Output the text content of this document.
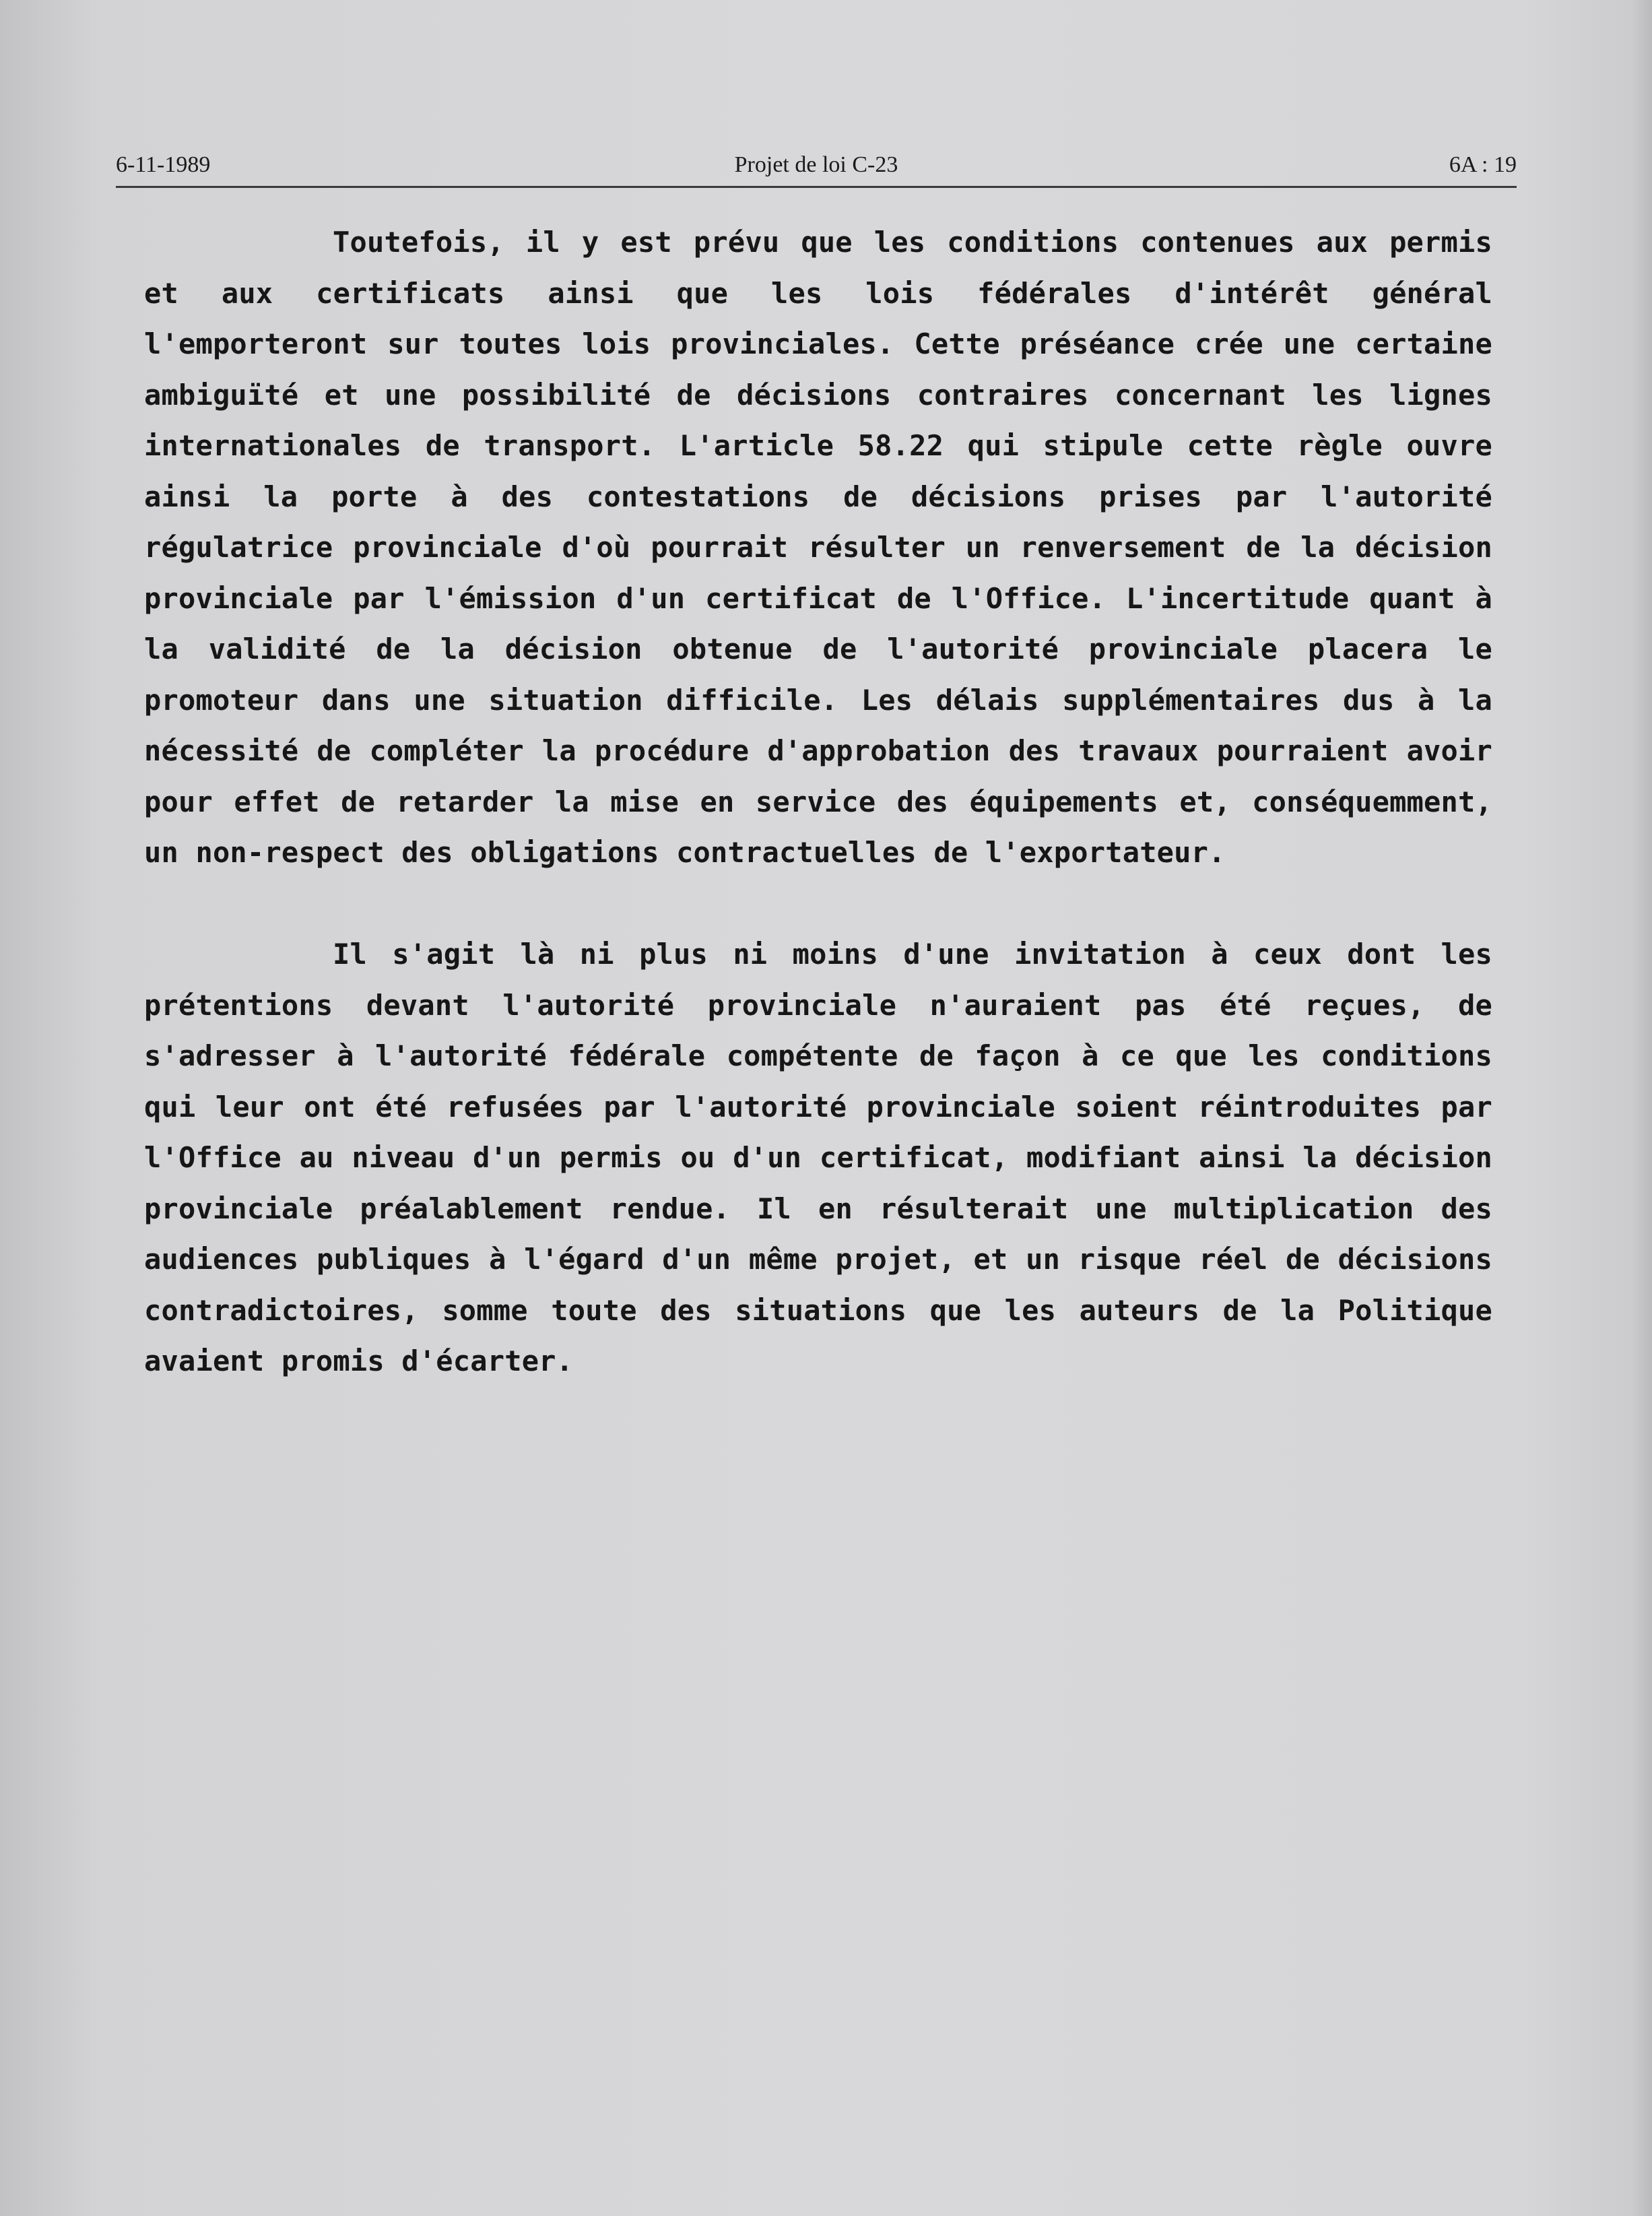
6-11-1989	Projet de loi C-23	6A : 19

Toutefois, il y est prévu que les conditions contenues aux permis et aux certificats ainsi que les lois fédérales d'intérêt général l'emporteront sur toutes lois provinciales. Cette préséance crée une certaine ambiguïté et une possibilité de décisions contraires concernant les lignes internationales de transport. L'article 58.22 qui stipule cette règle ouvre ainsi la porte à des contestations de décisions prises par l'autorité régulatrice provinciale d'où pourrait résulter un renversement de la décision provinciale par l'émission d'un certificat de l'Office. L'incertitude quant à la validité de la décision obtenue de l'autorité provinciale placera le promoteur dans une situation difficile. Les délais supplémentaires dus à la nécessité de compléter la procédure d'approbation des travaux pourraient avoir pour effet de retarder la mise en service des équipements et, conséquemment, un non-respect des obligations contractuelles de l'exportateur.

Il s'agit là ni plus ni moins d'une invitation à ceux dont les prétentions devant l'autorité provinciale n'auraient pas été reçues, de s'adresser à l'autorité fédérale compétente de façon à ce que les conditions qui leur ont été refusées par l'autorité provinciale soient réintroduites par l'Office au niveau d'un permis ou d'un certificat, modifiant ainsi la décision provinciale préalablement rendue. Il en résulterait une multiplication des audiences publiques à l'égard d'un même projet, et un risque réel de décisions contradictoires, somme toute des situations que les auteurs de la Politique avaient promis d'écarter.
